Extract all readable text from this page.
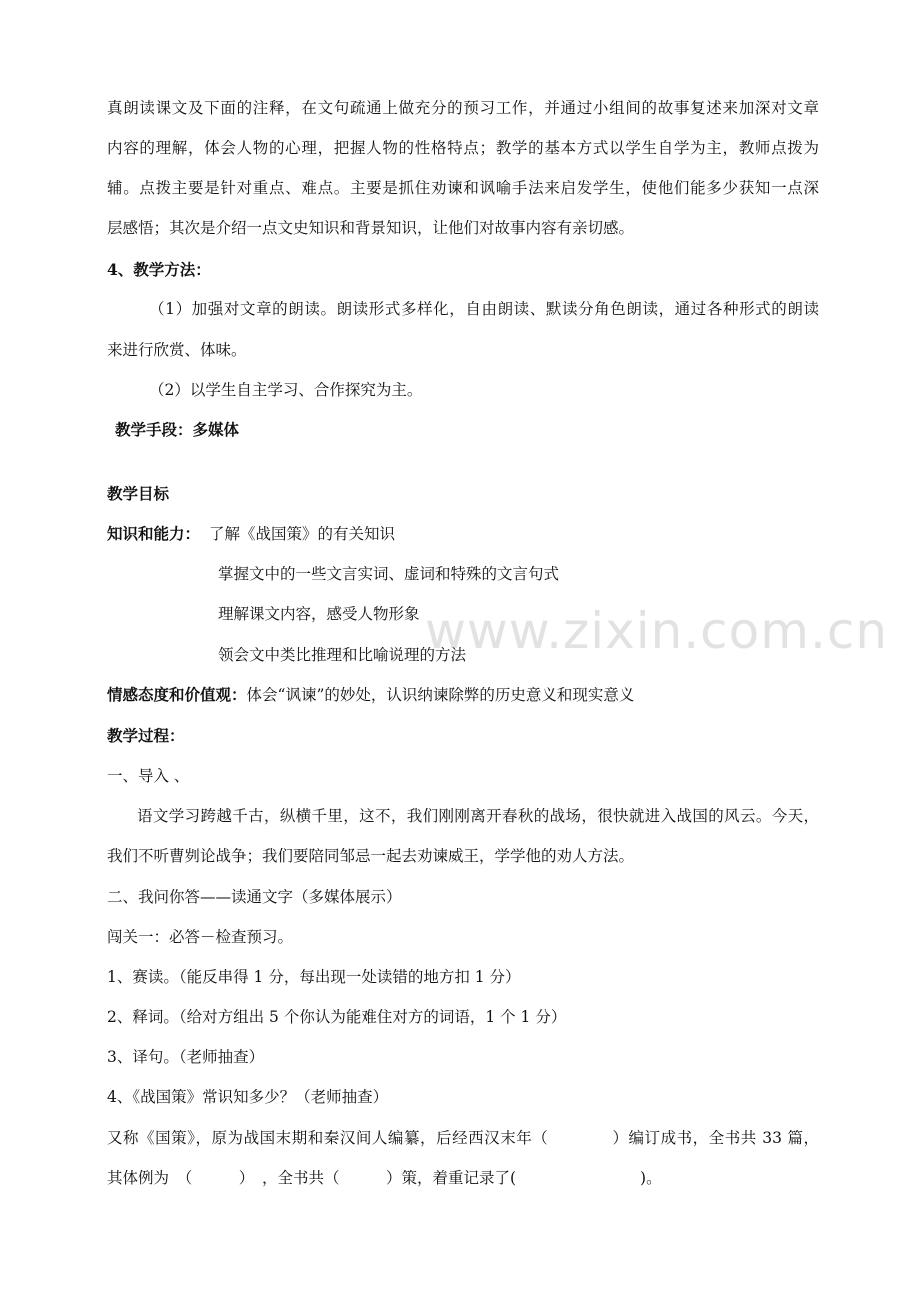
www.zixin.com.cn
真朗读课文及下面的注释，在文句疏通上做充分的预习工作，并通过小组间的故事复述来加深对文章
内容的理解，体会人物的心理，把握人物的性格特点；教学的基本方式以学生自学为主，教师点拨为
辅。点拨主要是针对重点、难点。主要是抓住劝谏和讽喻手法来启发学生，使他们能多少获知一点深
层感悟；其次是介绍一点文史知识和背景知识，让他们对故事内容有亲切感。
4、教学方法：
（1）加强对文章的朗读。朗读形式多样化，自由朗读、默读分角色朗读，通过各种形式的朗读
来进行欣赏、体味。
（2）以学生自主学习、合作探究为主。
教学手段：多媒体
教学目标
知识和能力： 了解《战国策》的有关知识
掌握文中的一些文言实词、虚词和特殊的文言句式
理解课文内容，感受人物形象
领会文中类比推理和比喻说理的方法
情感态度和价值观：体会“讽谏”的妙处，认识纳谏除弊的历史意义和现实意义
教学过程：
一、导入 、
语文学习跨越千古，纵横千里，这不，我们刚刚离开春秋的战场，很快就进入战国的风云。今天，
我们不听曹刿论战争；我们要陪同邹忌一起去劝谏威王，学学他的劝人方法。
二、我问你答——读通文字（多媒体展示）
闯关一：必答－检查预习。
1、赛读。（能反串得 1 分，每出现一处读错的地方扣 1 分）
2、释词。（给对方组出 5 个你认为能难住对方的词语，1 个 1 分）
3、译句。（老师抽查）
4、《战国策》常识知多少？（老师抽查）
又称《国策》，原为战国末期和秦汉间人编纂，后经西汉末年（　　　　）编订成书，全书共 33 篇，
其体例为　（　　　）　，全书共（　　　）策，着重记录了(　　　　　　　　)。
